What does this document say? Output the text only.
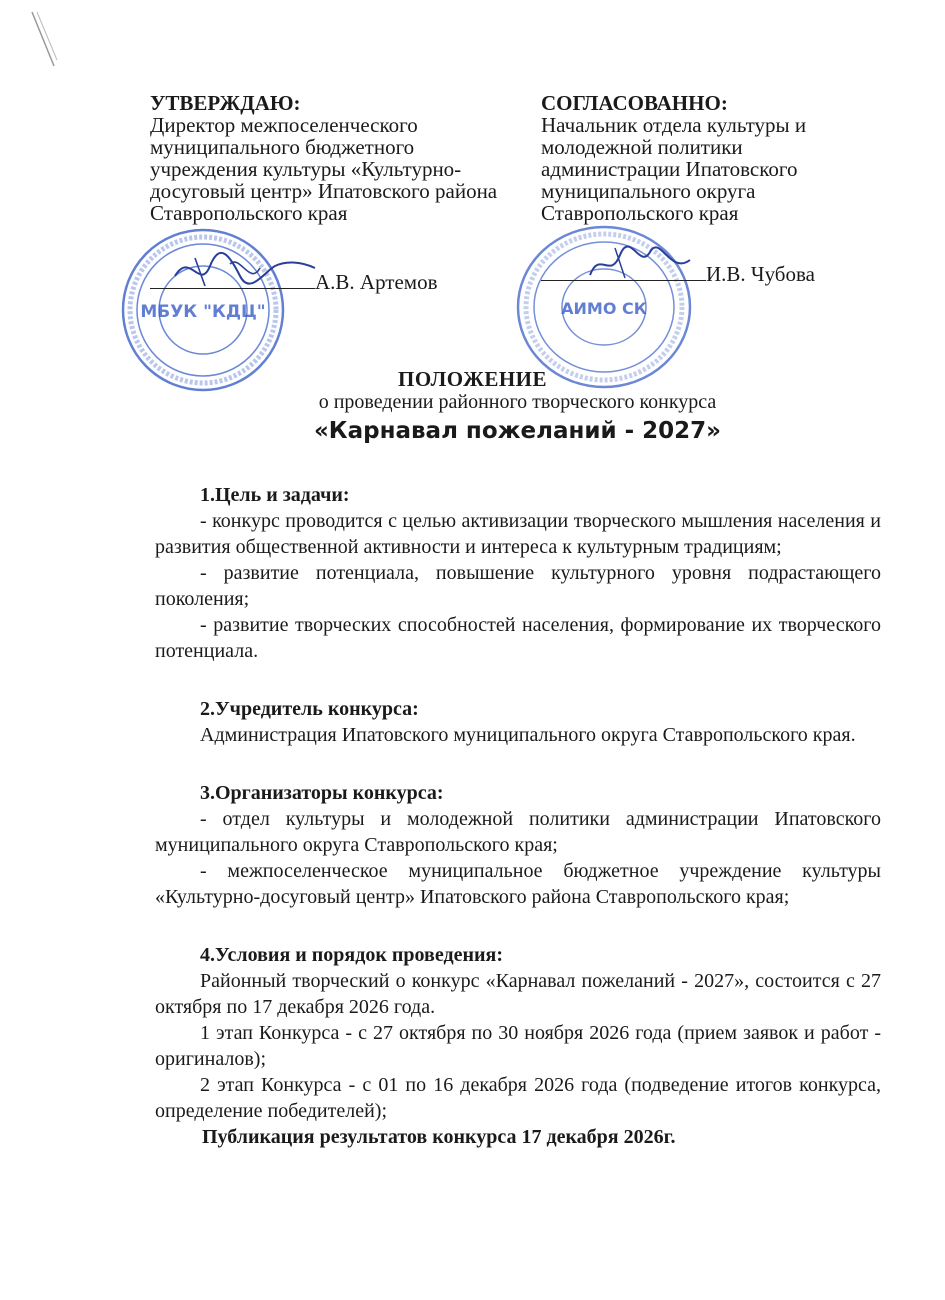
УТВЕРЖДАЮ:
Директор межпоселенческого
муниципального бюджетного
учреждения культуры «Культурно-
досуговый центр» Ипатовского района
Ставропольского края
СОГЛАСОВАННО:
Начальник отдела культуры и
молодежной политики
администрации Ипатовского
муниципального округа
Ставропольского края
МБУК "КДЦ"
А.В. Артемов
АИМО СК
И.В. Чубова
ПОЛОЖЕНИЕ
о проведении районного творческого конкурса
«Карнавал пожеланий - 2027»
1.Цель и задачи:

- конкурс проводится с целью активизации творческого мышления населения и развития общественной активности и интереса к культурным традициям;

- развитие потенциала, повышение культурного уровня подрастающего поколения;

- развитие творческих способностей населения, формирование их творческого потенциала.

2.Учредитель конкурса:

Администрация Ипатовского муниципального округа Ставропольского края.

3.Организаторы конкурса:

- отдел культуры и молодежной политики администрации Ипатовского муниципального округа Ставропольского края;

- межпоселенческое муниципальное бюджетное учреждение культуры «Культурно-досуговый центр» Ипатовского района Ставропольского края;

4.Условия и порядок проведения:

Районный творческий о конкурс «Карнавал пожеланий - 2027», состоится с 27 октября по 17 декабря 2026 года.

1 этап Конкурса - с 27 октября по 30 ноября 2026 года (прием заявок и работ - оригиналов);

2 этап Конкурса - с 01 по 16 декабря 2026 года (подведение итогов конкурса, определение победителей);

Публикация результатов конкурса 17 декабря 2026г.
